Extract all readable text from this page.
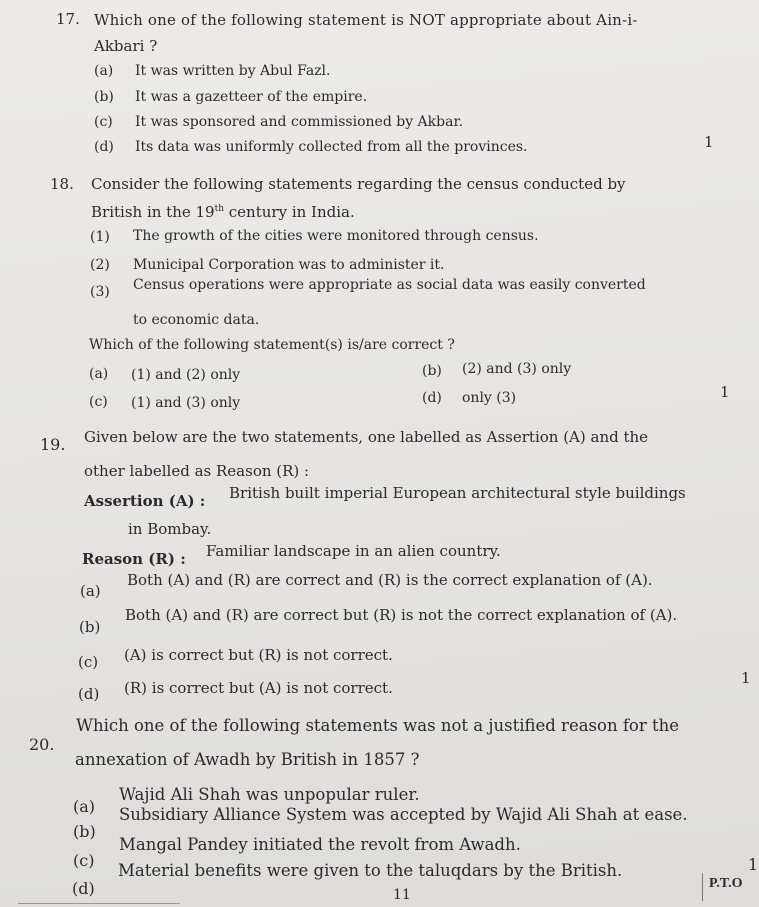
17. Which one of the following statement is NOT appropriate about Ain-i-
Akbari ?
(a) It was written by Abul Fazl.
(b) It was a gazetteer of the empire.
(c) It was sponsored and commissioned by Akbar.
(d) Its data was uniformly collected from all the provinces.	1
18. Consider the following statements regarding the census conducted by
British in the 19th century in India.
(1) The growth of the cities were monitored through census.
(2) Municipal Corporation was to administer it.
(3) Census operations were appropriate as social data was easily converted
to economic data.
Which of the following statement(s) is/are correct ?
(a) (1) and (2) only	(b) (2) and (3) only
(c) (1) and (3) only	(d) only (3)	1
19. Given below are the two statements, one labelled as Assertion (A) and the
other labelled as Reason (R) :
Assertion (A) : British built imperial European architectural style buildings
in Bombay.
Reason (R) : Familiar landscape in an alien country.
(a)
Both (A) and (R) are correct and (R) is the correct explanation of (A).
(b)
Both (A) and (R) are correct but (R) is not the correct explanation of (A).
(c) (A) is correct but (R) is not correct.
(d) (R) is correct but (A) is not correct.
1
20.
Which one of the following statements was not a justified reason for the
annexation of Awadh by British in 1857 ?
(a)
Wajid Ali Shah was unpopular ruler.
(b)
Subsidiary Alliance System was accepted by Wajid Ali Shah at ease.
(c)
Mangal Pandey initiated the revolt from Awadh.
(d)
Material benefits were given to the taluqdars by the British.	1
11
P.T.O
